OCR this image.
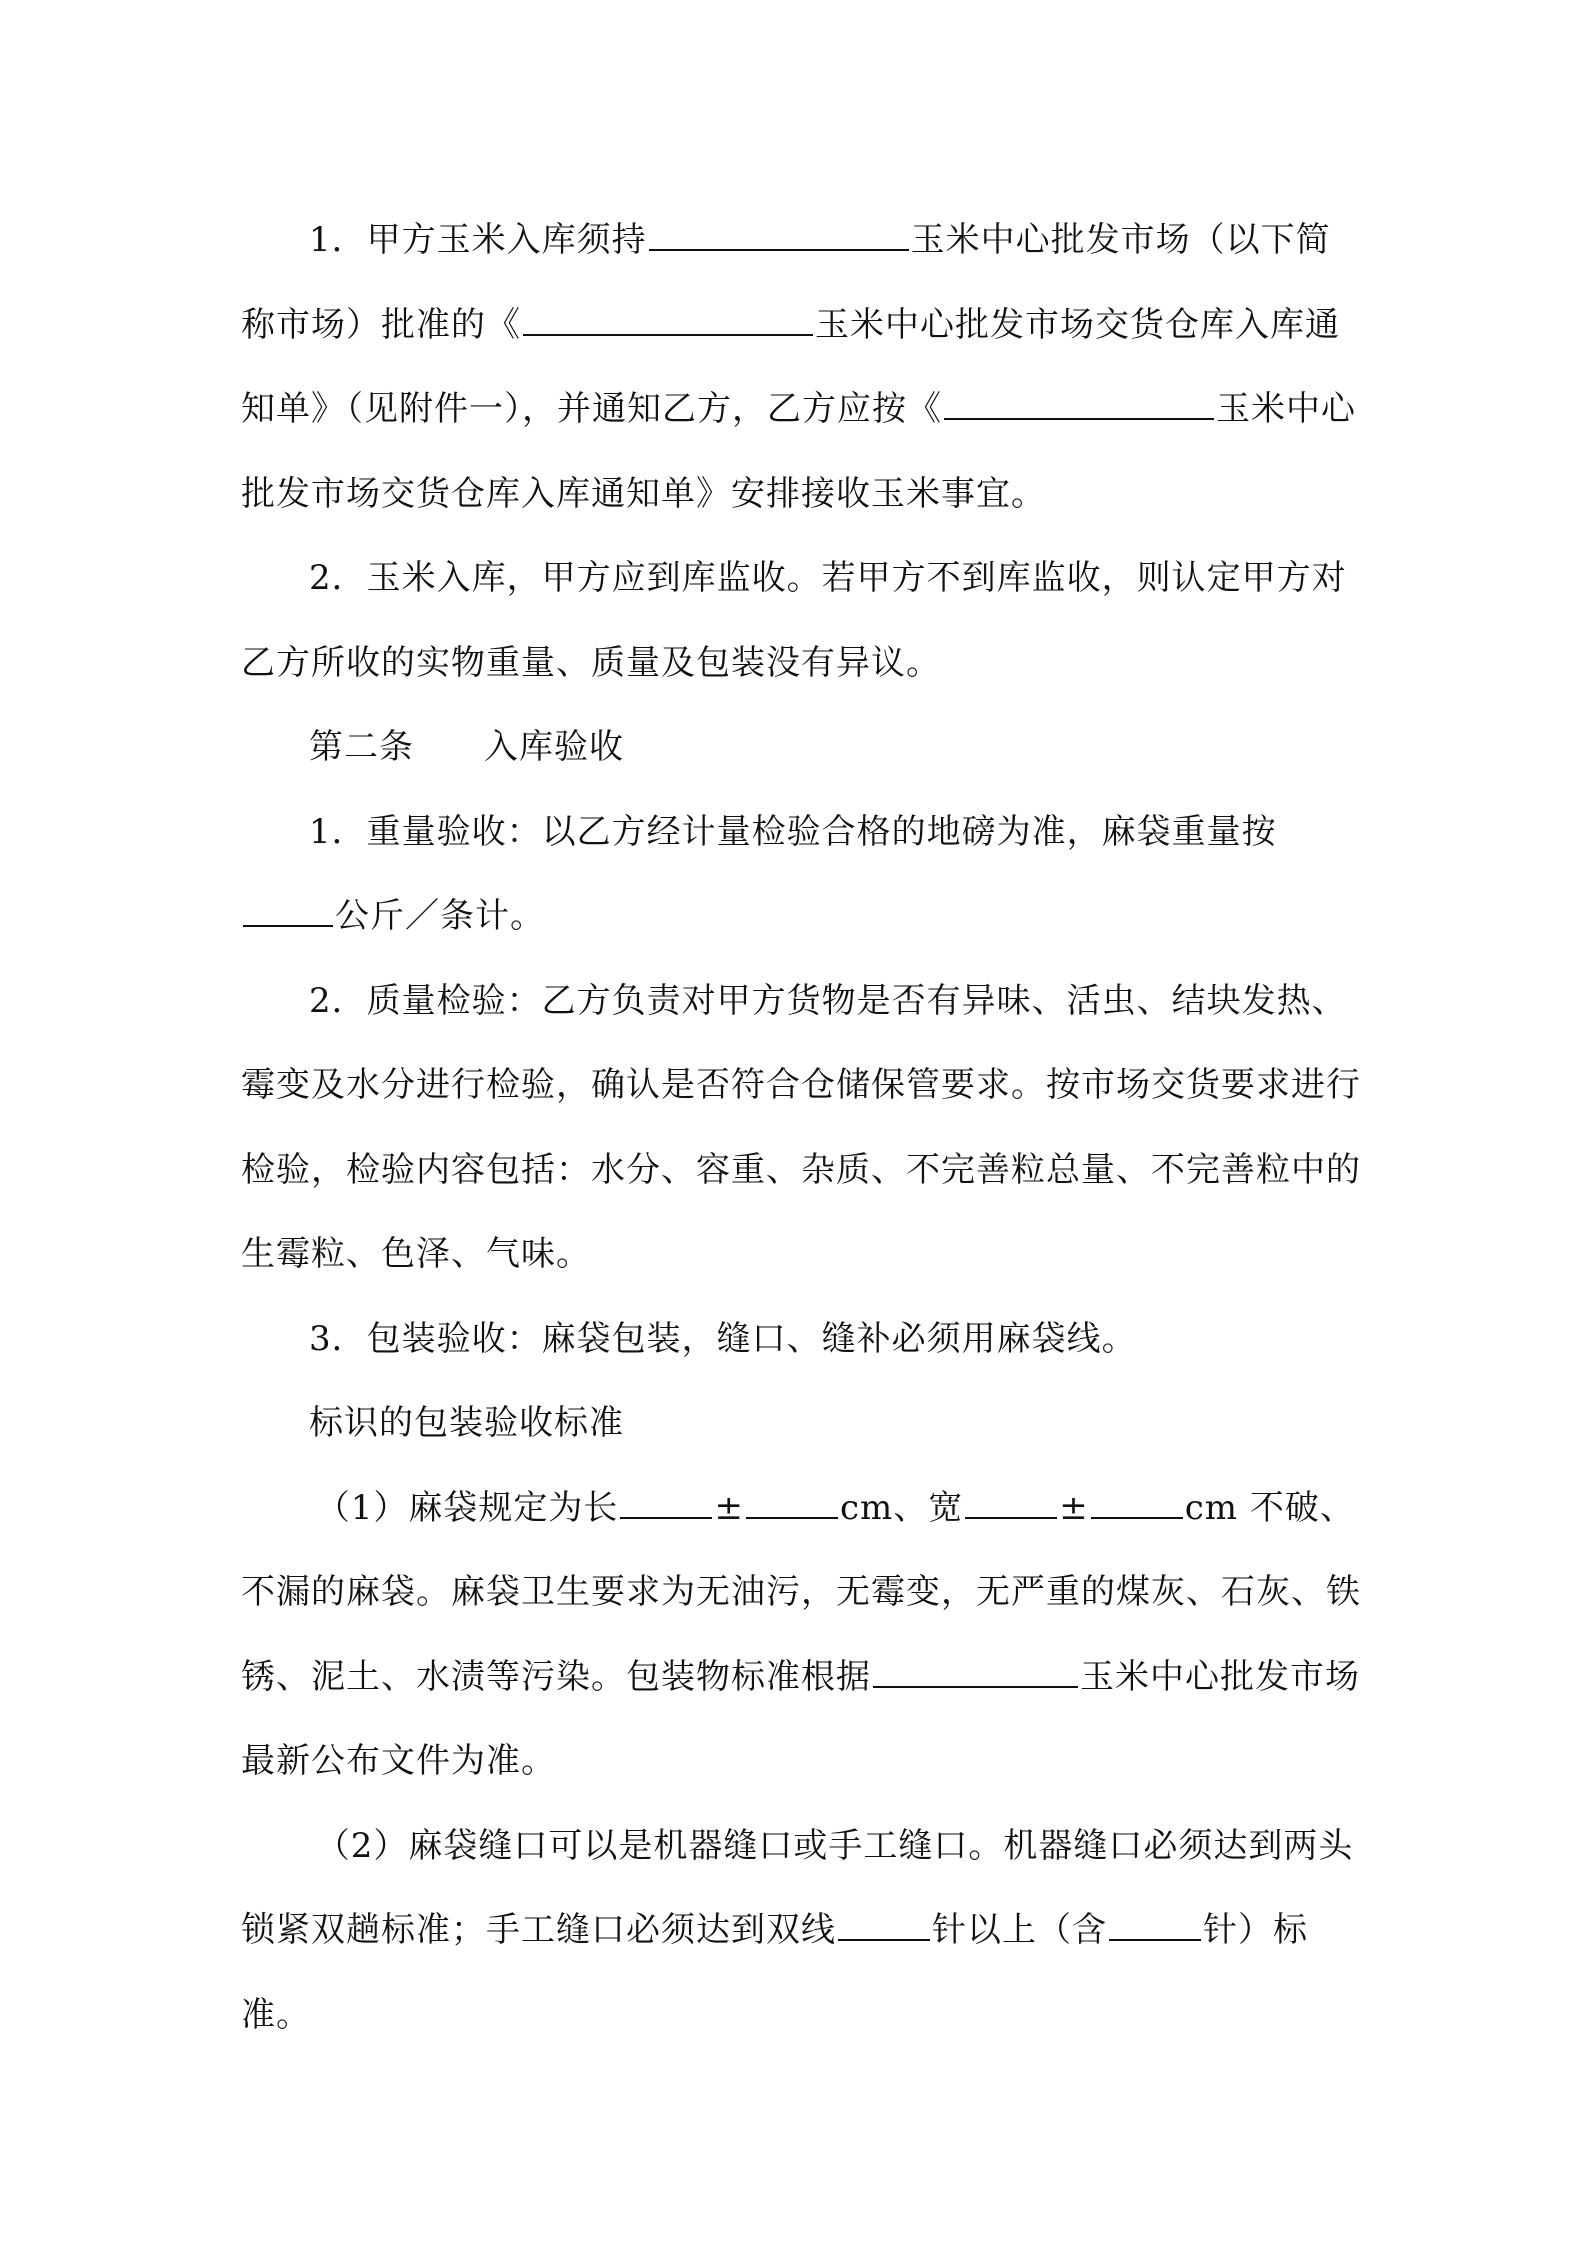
1．甲方玉米入库须持	玉米中心批发市场（以下简称市场）批准的《	玉米中心批发市场交货仓库入库通知单》（见附件一），并通知乙方，乙方应按《	玉米中心批发市场交货仓库入库通知单》安排接收玉米事宜。

2．玉米入库，甲方应到库监收。若甲方不到库监收，则认定甲方对乙方所收的实物重量、质量及包装没有异议。

第二条　　入库验收

1．重量验收：以乙方经计量检验合格的地磅为准，麻袋重量按公斤／条计。

2．质量检验：乙方负责对甲方货物是否有异味、活虫、结块发热、霉变及水分进行检验，确认是否符合仓储保管要求。按市场交货要求进行检验，检验内容包括：水分、容重、杂质、不完善粒总量、不完善粒中的生霉粒、色泽、气味。

3．包装验收：麻袋包装，缝口、缝补必须用麻袋线。

标识的包装验收标准

（1）麻袋规定为长	±	cm、宽	±	cm 不破、不漏的麻袋。麻袋卫生要求为无油污，无霉变，无严重的煤灰、石灰、铁锈、泥土、水渍等污染。包装物标准根据	玉米中心批发市场最新公布文件为准。

（2）麻袋缝口可以是机器缝口或手工缝口。机器缝口必须达到两头锁紧双趟标准；手工缝口必须达到双线	针以上（含	针）标准。
